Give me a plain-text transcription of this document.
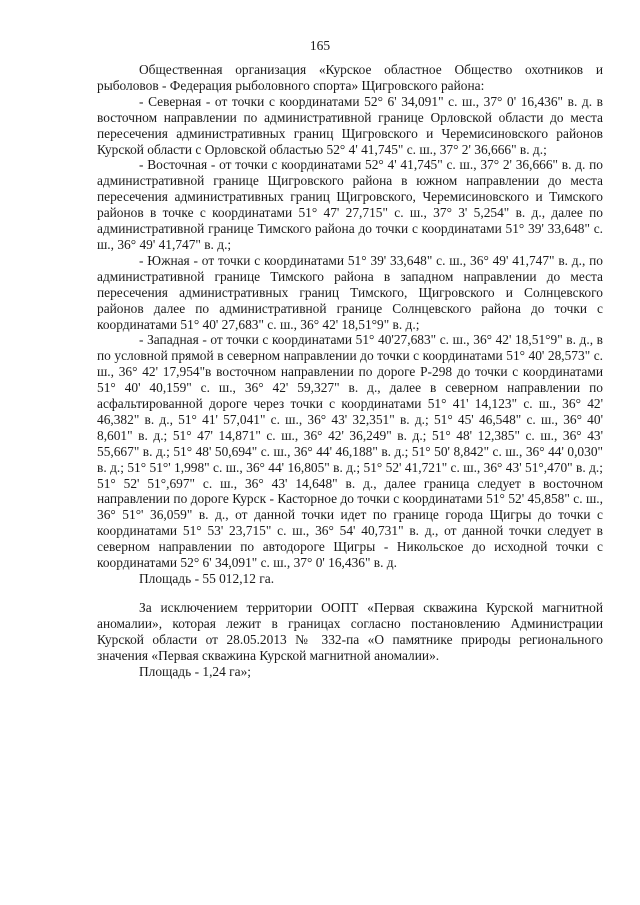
165

Общественная организация «Курское областное Общество охотников и рыболовов - Федерация рыболовного спорта» Щигровского района:

- Северная - от точки с координатами 52° 6' 34,091" с. ш., 37° 0' 16,436" в. д. в восточном направлении по административной границе Орловской области до места пересечения административных границ Щигровского и Черемисиновского районов Курской области с Орловской областью 52° 4' 41,745" с. ш., 37° 2' 36,666" в. д.;

- Восточная - от точки с координатами 52° 4' 41,745" с. ш., 37° 2' 36,666" в. д. по административной границе Щигровского района в южном направлении до места пересечения административных границ Щигровского, Черемисиновского и Тимского районов в точке с координатами 51° 47' 27,715" с. ш., 37° 3' 5,254" в. д., далее по административной границе Тимского района до точки с координатами 51° 39' 33,648" с. ш., 36° 49' 41,747" в. д.;

- Южная - от точки с координатами 51° 39' 33,648" с. ш., 36° 49' 41,747" в. д., по административной границе Тимского района в западном направлении до места пересечения административных границ Тимского, Щигровского и Солнцевского районов далее по административной границе Солнцевского района до точки с координатами 51° 40' 27,683" с. ш., 36° 42' 18,51°9" в. д.;

- Западная - от точки с координатами 51° 40'27,683" с. ш., 36° 42' 18,51°9" в. д., в по условной прямой в северном направлении до точки с координатами 51° 40' 28,573" с. ш., 36° 42' 17,954"в восточном направлении по дороге Р-298 до точки с координатами 51° 40' 40,159" с. ш., 36° 42' 59,327" в. д., далее в северном направлении по асфальтированной дороге через точки с координатами 51° 41' 14,123" с. ш., 36° 42' 46,382" в. д., 51° 41' 57,041" с. ш., 36° 43' 32,351" в. д.; 51° 45' 46,548" с. ш., 36° 40' 8,601" в. д.; 51° 47' 14,871" с. ш., 36° 42' 36,249" в. д.; 51° 48' 12,385" с. ш., 36° 43' 55,667" в. д.; 51° 48' 50,694" с. ш., 36° 44' 46,188" в. д.; 51° 50' 8,842" с. ш., 36° 44' 0,030" в. д.; 51° 51°' 1,998" с. ш., 36° 44' 16,805" в. д.; 51° 52' 41,721" с. ш., 36° 43' 51°,470" в. д.; 51° 52' 51°,697" с. ш., 36° 43' 14,648" в. д., далее граница следует в восточном направлении по дороге Курск - Касторное до точки с координатами 51° 52' 45,858" с. ш., 36° 51°' 36,059" в. д., от данной точки идет по границе города Щигры до точки с координатами 51° 53' 23,715" с. ш., 36° 54' 40,731" в. д., от данной точки следует в северном направлении по автодороге Щигры - Никольское до исходной точки с координатами 52° 6' 34,091" с. ш., 37° 0' 16,436" в. д.

Площадь - 55 012,12 га.

За исключением территории ООПТ «Первая скважина Курской магнитной аномалии», которая лежит в границах согласно постановлению Администрации Курской области от 28.05.2013 № 332-па «О памятнике природы регионального значения «Первая скважина Курской магнитной аномалии».

Площадь - 1,24 га»;
